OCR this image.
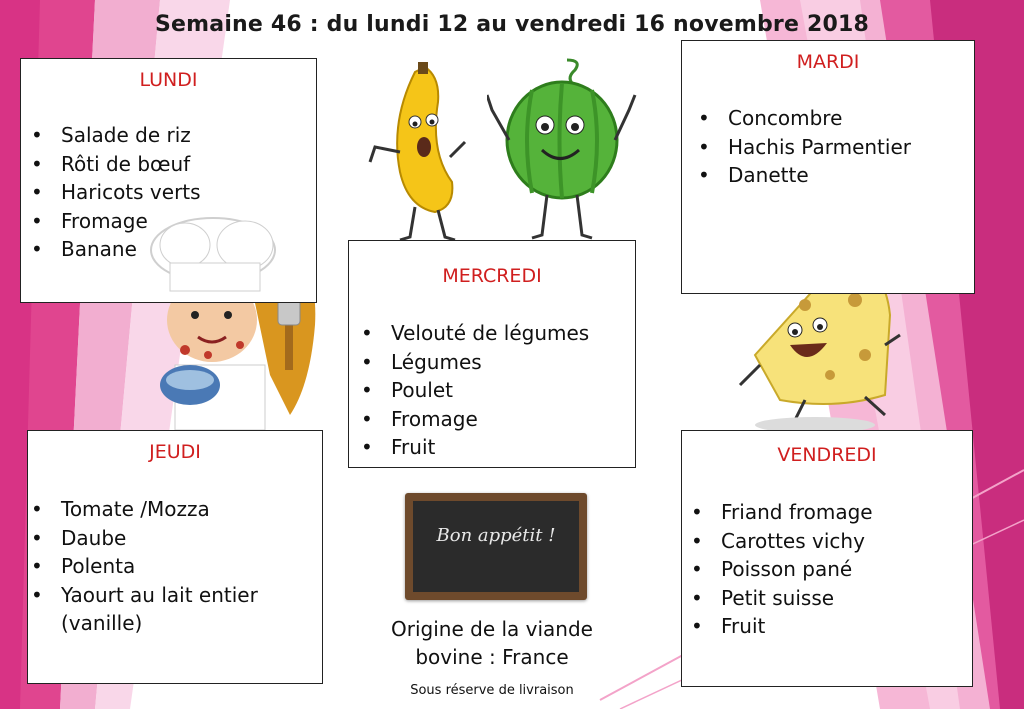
Semaine 46 : du lundi 12 au vendredi 16 novembre 2018
LUNDI
• Salade de riz
• Rôti de bœuf
• Haricots verts
• Fromage
• Banane
MARDI
• Concombre
• Hachis Parmentier
• Danette
MERCREDI
• Velouté de légumes
• Légumes
• Poulet
• Fromage
• Fruit
JEUDI
• Tomate /Mozza
• Daube
• Polenta
• Yaourt au lait entier (vanille)
VENDREDI
• Friand fromage
• Carottes vichy
• Poisson pané
• Petit suisse
• Fruit
Bon appétit !
Origine de la viande
bovine : France
Sous réserve de livraison
